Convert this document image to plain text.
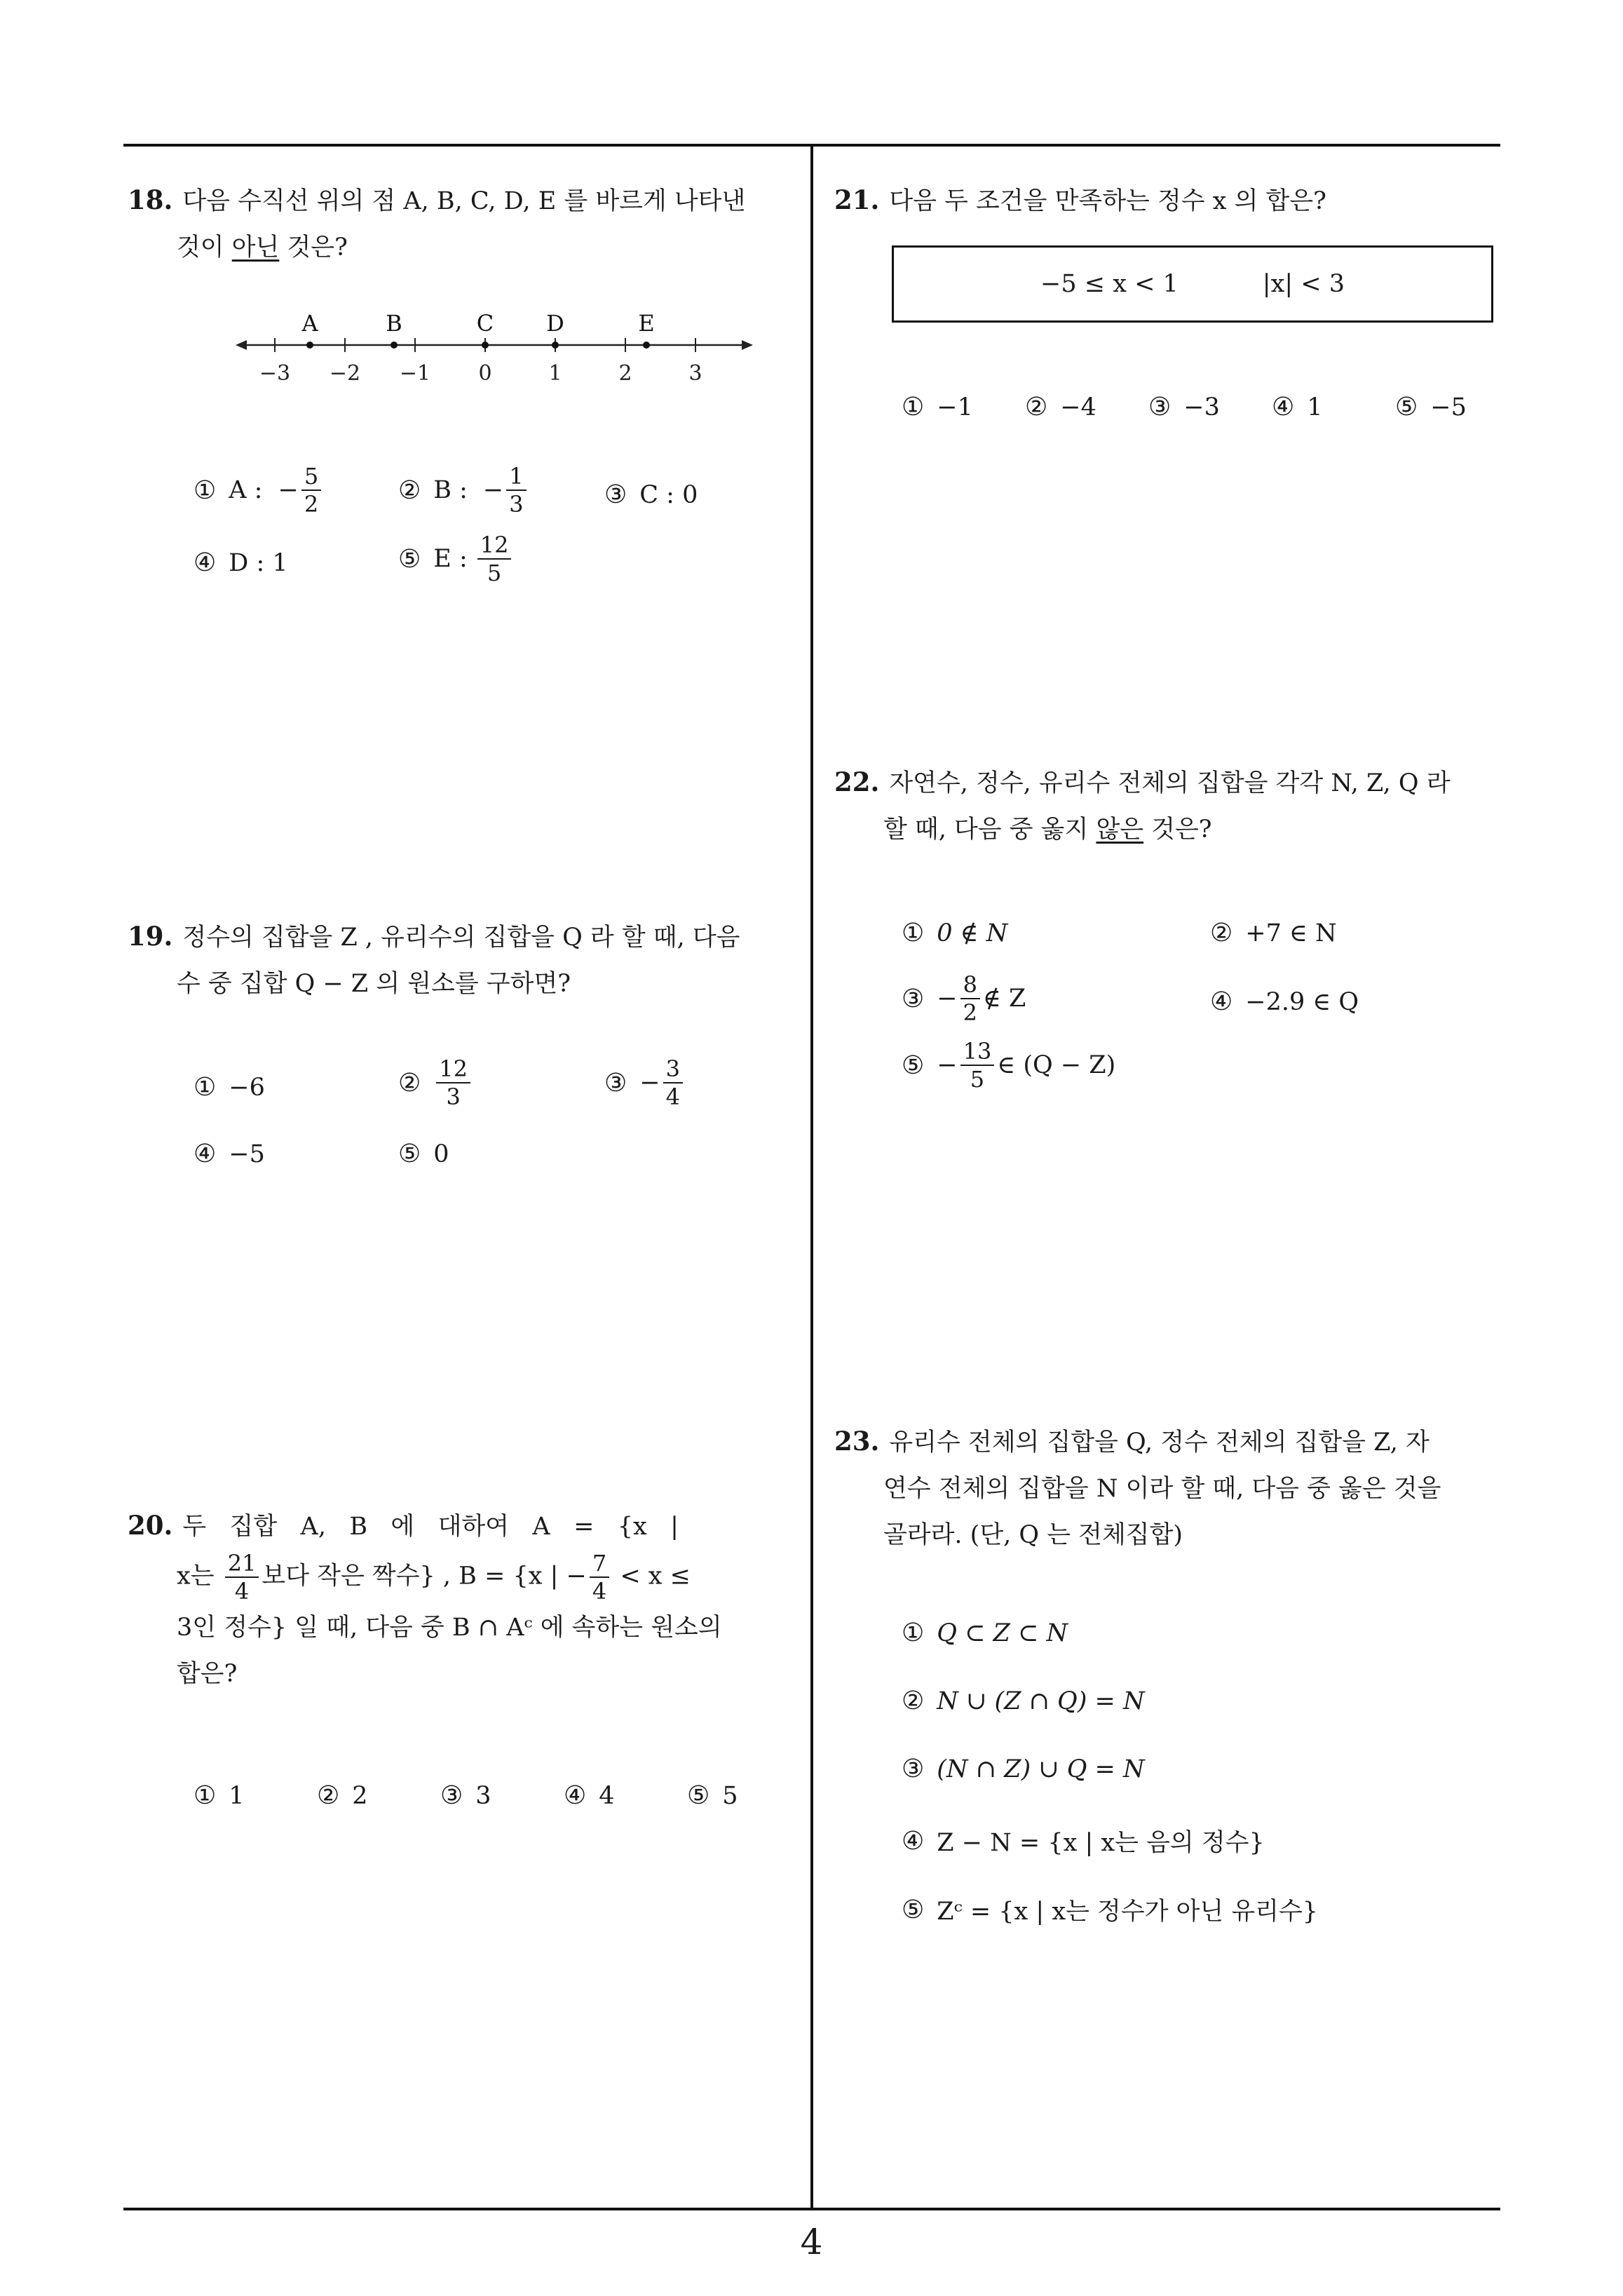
18. 다음 수직선 위의 점 A, B, C, D, E 를 바르게 나타낸
것이 아닌 것은?
−3 −2 −1 0	1	2	3
A	B	C D	E
① A : − $\frac{5}{2}$	② B : − $\frac{1}{3}$	③ C : 0
④ D : 1	⑤ E : $\frac{12}{5}$
19. 정수의 집합을 Z , 유리수의 집합을 Q 라 할 때, 다음
수 중 집합 Q − Z 의 원소를 구하면?
① −6	② $\frac{12}{3}$	③ − $\frac{3}{4}$
④ −5	⑤ 0
20. 두   집합   A,   B   에   대하여   A   =   {x   |
x는 $\frac{21}{4}$ 보다 작은 짝수} , B = {x | − $\frac{7}{4} < x$ ≤
3인 정수} 일 때, 다음 중 B ∩ Aᶜ 에 속하는 원소의
합은?
① 1	② 2	③ 3	④ 4	⑤ 5
21. 다음 두 조건을 만족하는 정수 x 의 합은?
−5 ≤ x < 1	|x| < 3
① −1 ② −4 ③ −3 ④ 1	⑤ −5
22. 자연수, 정수, 유리수 전체의 집합을 각각 N, Z, Q 라
할 때, 다음 중 옳지 않은 것은?
① 0 ∉ N	② +7 ∈ N
③ − $\frac{8}{2}$ ∉ Z	④ −2.9 ∈ Q
⑤ − $\frac{13}{5}$ ∈ (Q − Z)
23. 유리수 전체의 집합을 Q, 정수 전체의 집합을 Z, 자
연수 전체의 집합을 N 이라 할 때, 다음 중 옳은 것을
골라라. (단, Q 는 전체집합)
① Q ⊂ Z ⊂ N
② N ∪ (Z ∩ Q) = N
③ (N ∩ Z) ∪ Q = N
④ Z − N = {x | x는 음의 정수}
⑤ Zᶜ = {x | x는 정수가 아닌 유리수}
4
